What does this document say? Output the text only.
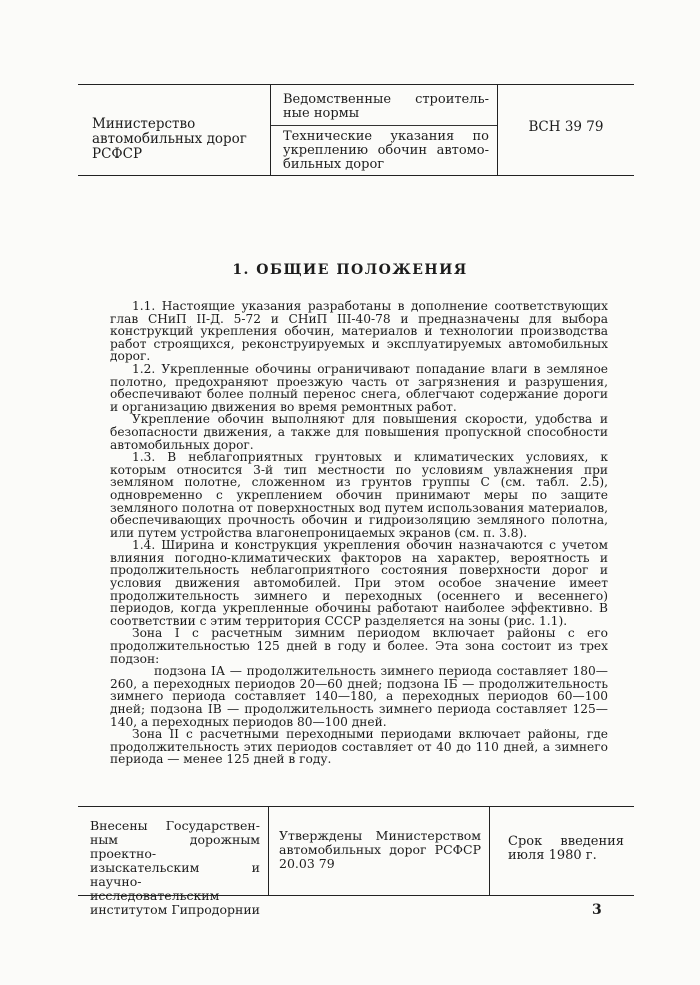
Министерство автомобильных дорог РСФСР
Ведомственные строительные нормы
Технические указания по укреплению обочин автомобильных дорог
ВСН 39 79
1. ОБЩИЕ ПОЛОЖЕНИЯ

1.1. Настоящие указания разработаны в дополнение соответствующих глав СНиП II-Д. 5-72 и СНиП III-40-78 и предназначены для выбора конструкций укрепления обочин, материалов и технологии производства работ строящихся, реконструируемых и эксплуатируемых автомобильных дорог.

1.2. Укрепленные обочины ограничивают попадание влаги в земляное полотно, предохраняют проезжую часть от загрязнения и разрушения, обеспечивают более полный перенос снега, облегчают содержание дороги и организацию движения во время ремонтных работ.

Укрепление обочин выполняют для повышения скорости, удобства и безопасности движения, а также для повышения пропускной способности автомобильных дорог.

1.3. В неблагоприятных грунтовых и климатических условиях, к которым относится 3-й тип местности по условиям увлажнения при земляном полотне, сложенном из грунтов группы С (см. табл. 2.5), одновременно с укреплением обочин принимают меры по защите земляного полотна от поверхностных вод путем использования материалов, обеспечивающих прочность обочин и гидроизоляцию земляного полотна, или путем устройства влагонепроницаемых экранов (см. п. 3.8).

1.4. Ширина и конструкция укрепления обочин назначаются с учетом влияния погодно-климатических факторов на характер, вероятность и продолжительность неблагоприятного состояния поверхности дорог и условия движения автомобилей. При этом особое значение имеет продолжительность зимнего и переходных (осеннего и весеннего) периодов, когда укрепленные обочины работают наиболее эффективно. В соответствии с этим территория СССР разделяется на зоны (рис. 1.1).

Зона I с расчетным зимним периодом включает районы с его продолжительностью 125 дней в году и более. Эта зона состоит из трех подзон:

подзона IА — продолжительность зимнего периода составляет 180—260, а переходных периодов 20—60 дней; подзона IБ — продолжительность зимнего периода составляет 140—180, а переходных периодов 60—100 дней; подзона IВ — продолжительность зимнего периода составляет 125—140, а переходных периодов 80—100 дней.

Зона II с расчетными переходными периодами включает районы, где продолжительность этих периодов составляет от 40 до 110 дней, а зимнего периода — менее 125 дней в году.

Внесены Государственным дорожным проектно-изыскательским и научно-исследовательским институтом Гипродорнии
Утверждены Министерством автомобильных дорог РСФСР 20.03 79
Срок введения июля 1980 г.
3
